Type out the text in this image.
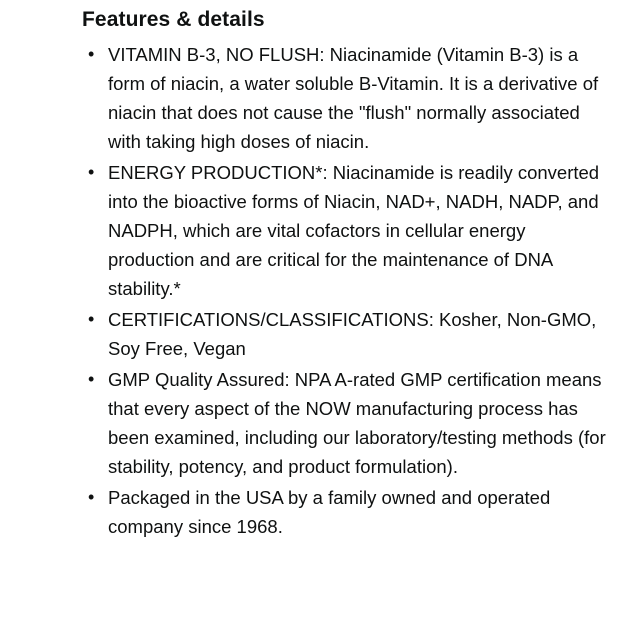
Features & details
• VITAMIN B-3, NO FLUSH: Niacinamide (Vitamin B-3) is a form of niacin, a water soluble B-Vitamin. It is a derivative of niacin that does not cause the "flush" normally associated with taking high doses of niacin.
• ENERGY PRODUCTION*: Niacinamide is readily converted into the bioactive forms of Niacin, NAD+, NADH, NADP, and NADPH, which are vital cofactors in cellular energy production and are critical for the maintenance of DNA stability.*
• CERTIFICATIONS/CLASSIFICATIONS: Kosher, Non-GMO, Soy Free, Vegan
• GMP Quality Assured: NPA A-rated GMP certification means that every aspect of the NOW manufacturing process has been examined, including our laboratory/testing methods (for stability, potency, and product formulation).
• Packaged in the USA by a family owned and operated company since 1968.
